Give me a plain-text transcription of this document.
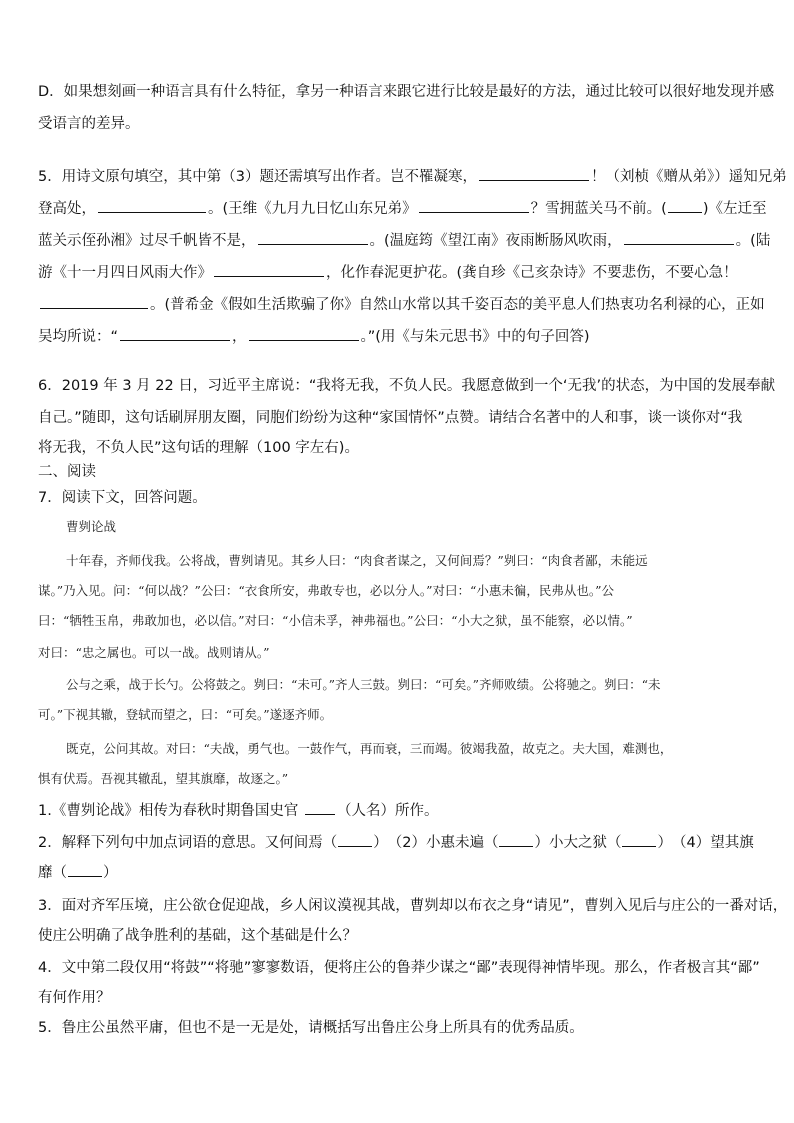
D．如果想刻画一种语言具有什么特征，拿另一种语言来跟它进行比较是最好的方法，通过比较可以很好地发现并感
受语言的差异。
5．用诗文原句填空，其中第（3）题还需填写出作者。岂不罹凝寒，	！（刘桢《赠从弟》）遥知兄弟
登高处，	。(王维《九月九日忆山东兄弟》	？雪拥蓝关马不前。( )《左迁至
蓝关示侄孙湘》过尽千帆皆不是，	。(温庭筠《望江南》夜雨断肠风吹雨，	。(陆
游《十一月四日风雨大作》	，化作春泥更护花。(龚自珍《己亥杂诗》不要悲伤，不要心急！
。(普希金《假如生活欺骗了你》自然山水常以其千姿百态的美平息人们热衷功名利禄的心，正如
吴均所说：“	，	。”(用《与朱元思书》中的句子回答)
6．2019 年 3 月 22 日，习近平主席说：“我将无我，不负人民。我愿意做到一个‘无我’的状态，为中国的发展奉献
自己。”随即，这句话刷屏朋友圈，同胞们纷纷为这种“家国情怀”点赞。请结合名著中的人和事，谈一谈你对“我
将无我，不负人民”这句话的理解（100 字左右)。
二、阅读
7．阅读下文，回答问题。
曹刿论战
十年春，齐师伐我。公将战，曹刿请见。其乡人曰：“肉食者谋之，又何间焉？”刿曰：“肉食者鄙，未能远
谋。”乃入见。问：“何以战？”公曰：“衣食所安，弗敢专也，必以分人。”对曰：“小惠未徧，民弗从也。”公
曰：“牺牲玉帛，弗敢加也，必以信。”对曰：“小信未孚，神弗福也。”公曰：“小大之狱，虽不能察，必以情。”
对曰：“忠之属也。可以一战。战则请从。”
公与之乘，战于长勺。公将鼓之。刿曰：“未可。”齐人三鼓。刿曰：“可矣。”齐师败绩。公将驰之。刿曰：“未
可。”下视其辙，登轼而望之，曰：“可矣。”遂逐齐师。
既克，公问其故。对曰：“夫战，勇气也。一鼓作气，再而衰，三而竭。彼竭我盈，故克之。夫大国，难测也，
惧有伏焉。吾视其辙乱，望其旗靡，故逐之。”
1.《曹刿论战》相传为春秋时期鲁国史官 （人名）所作。
2．解释下列句中加点词语的意思。又何间焉（ ）　（2）小惠未遍（ ）小大之狱（ ）　（4）望其旗
靡（ ）
3．面对齐军压境，庄公欲仓促迎战，乡人闲议漠视其战，曹刿却以布衣之身“请见”，曹刿入见后与庄公的一番对话，
使庄公明确了战争胜利的基础，这个基础是什么？
4．文中第二段仅用“将鼓”“将驰”寥寥数语，便将庄公的鲁莽少谋之“鄙”表现得神情毕现。那么，作者极言其“鄙”
有何作用？
5．鲁庄公虽然平庸，但也不是一无是处，请概括写出鲁庄公身上所具有的优秀品质。
